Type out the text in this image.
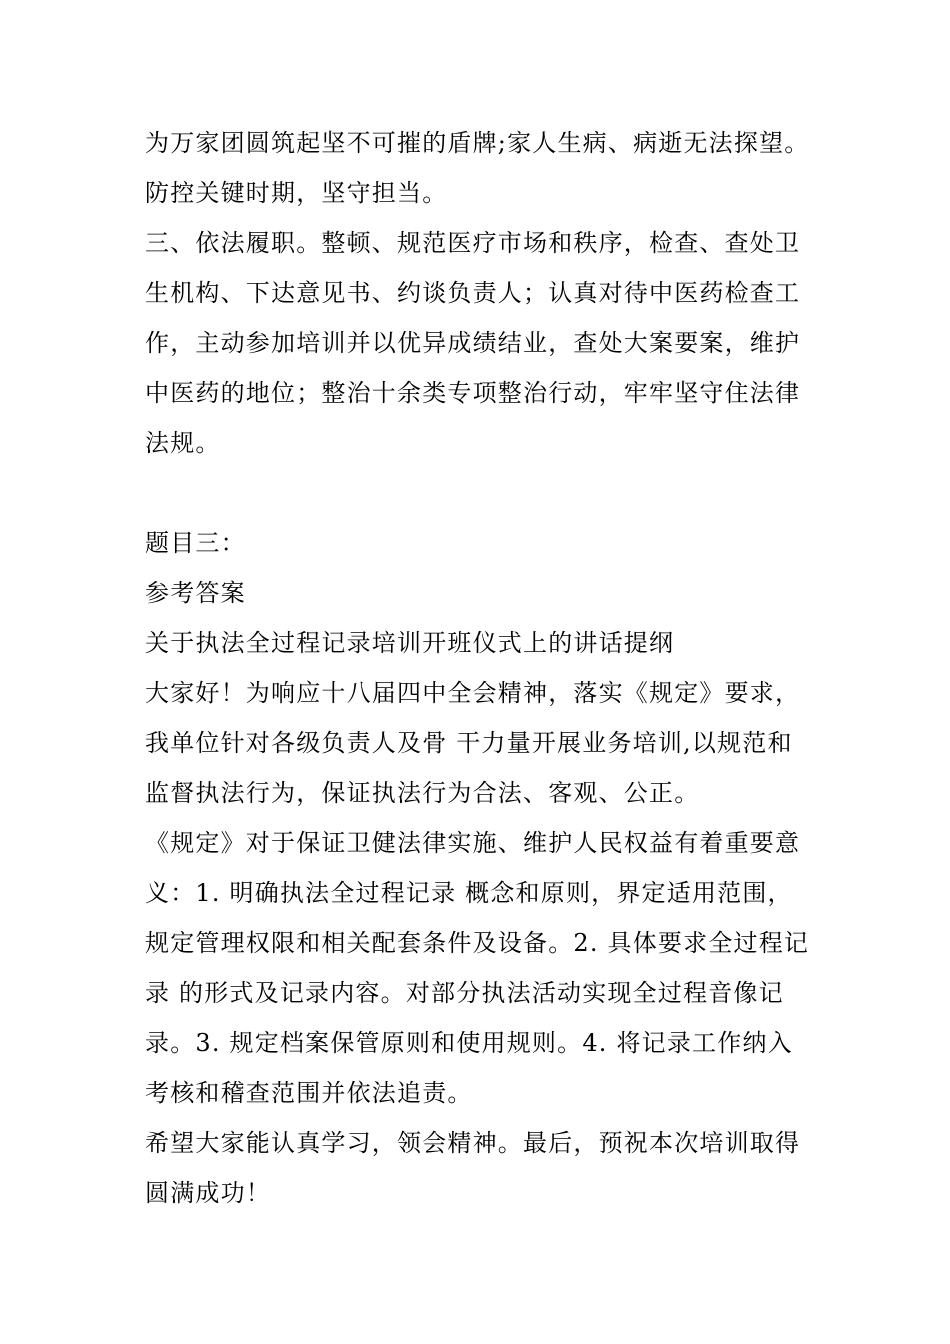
为万家团圆筑起坚不可摧的盾牌;家人生病、病逝无法探望。防控关键时期，坚守担当。

三、依法履职。整顿、规范医疗市场和秩序，检查、查处卫生机构、下达意见书、约谈负责人；认真对待中医药检查工作，主动参加培训并以优异成绩结业，查处大案要案，维护中医药的地位；整治十余类专项整治行动，牢牢坚守住法律法规。

题目三：

参考答案

关于执法全过程记录培训开班仪式上的讲话提纲

大家好！为响应十八届四中全会精神，落实《规定》要求，我单位针对各级负责人及骨 干力量开展业务培训,以规范和监督执法行为，保证执法行为合法、客观、公正。

《规定》对于保证卫健法律实施、维护人民权益有着重要意义：1. 明确执法全过程记录 概念和原则，界定适用范围，规定管理权限和相关配套条件及设备。2. 具体要求全过程记录 的形式及记录内容。对部分执法活动实现全过程音像记录。3. 规定档案保管原则和使用规则。4. 将记录工作纳入考核和稽查范围并依法追责。

希望大家能认真学习，领会精神。最后，预祝本次培训取得圆满成功！
